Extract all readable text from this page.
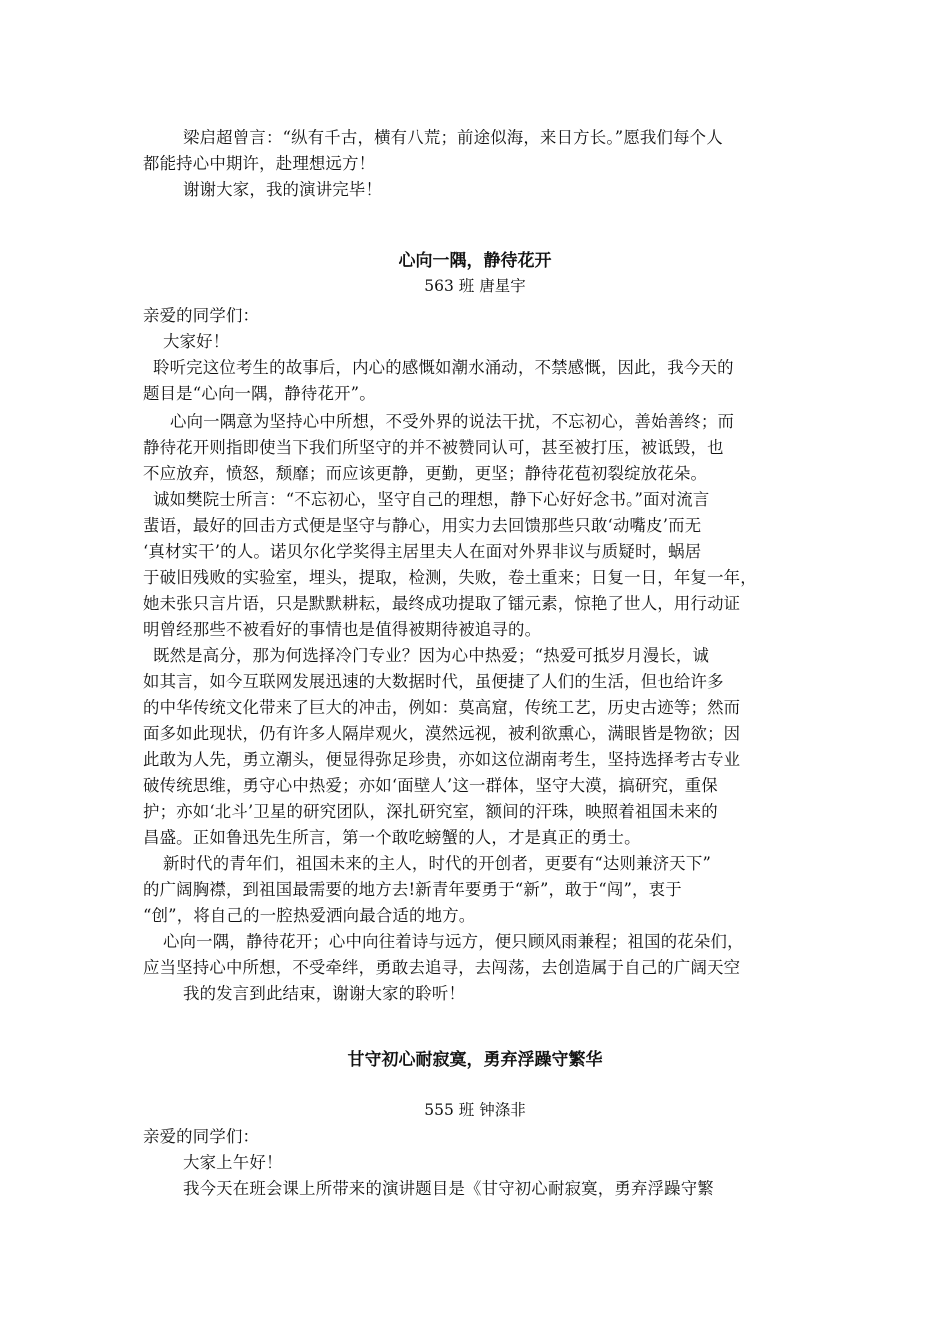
梁启超曾言：“纵有千古，横有八荒；前途似海，来日方长。”愿我们每个人
都能持心中期许，赴理想远方！
谢谢大家，我的演讲完毕！
心向一隅，静待花开
563 班 唐星宇
亲爱的同学们：
大家好！
聆听完这位考生的故事后，内心的感慨如潮水涌动，不禁感慨，因此，我今天的
题目是“心向一隅，静待花开”。
心向一隅意为坚持心中所想，不受外界的说法干扰，不忘初心，善始善终；而
静待花开则指即使当下我们所坚守的并不被赞同认可，甚至被打压，被诋毁，也
不应放弃，愤怒，颓靡；而应该更静，更勤，更坚；静待花苞初裂绽放花朵。
诚如樊院士所言：“不忘初心，坚守自己的理想，静下心好好念书。”面对流言
蜚语，最好的回击方式便是坚守与静心，用实力去回馈那些只敢‘动嘴皮’而无
‘真材实干’的人。诺贝尔化学奖得主居里夫人在面对外界非议与质疑时，蜗居
于破旧残败的实验室，埋头，提取，检测，失败，卷土重来；日复一日，年复一年，
她未张只言片语，只是默默耕耘，最终成功提取了镭元素，惊艳了世人，用行动证
明曾经那些不被看好的事情也是值得被期待被追寻的。
既然是高分，那为何选择冷门专业？因为心中热爱；“热爱可抵岁月漫长，诚
如其言，如今互联网发展迅速的大数据时代，虽便捷了人们的生活，但也给许多
的中华传统文化带来了巨大的冲击，例如：莫高窟，传统工艺，历史古迹等；然而
面多如此现状，仍有许多人隔岸观火，漠然远视，被利欲熏心，满眼皆是物欲；因
此敢为人先，勇立潮头，便显得弥足珍贵，亦如这位湖南考生，坚持选择考古专业
破传统思维，勇守心中热爱；亦如‘面壁人’这一群体，坚守大漠，搞研究，重保
护；亦如‘北斗’卫星的研究团队，深扎研究室，额间的汗珠，映照着祖国未来的
昌盛。正如鲁迅先生所言，第一个敢吃螃蟹的人，才是真正的勇士。
新时代的青年们，祖国未来的主人，时代的开创者，更要有“达则兼济天下”
的广阔胸襟，到祖国最需要的地方去!新青年要勇于“新”，敢于“闯”，衷于
“创”，将自己的一腔热爱洒向最合适的地方。
心向一隅，静待花开；心中向往着诗与远方，便只顾风雨兼程；祖国的花朵们，
应当坚持心中所想，不受牵绊，勇敢去追寻，去闯荡，去创造属于自己的广阔天空
我的发言到此结束，谢谢大家的聆听！
甘守初心耐寂寞，勇弃浮躁守繁华
555 班 钟涤非
亲爱的同学们：
大家上午好！
我今天在班会课上所带来的演讲题目是《甘守初心耐寂寞，勇弃浮躁守繁
